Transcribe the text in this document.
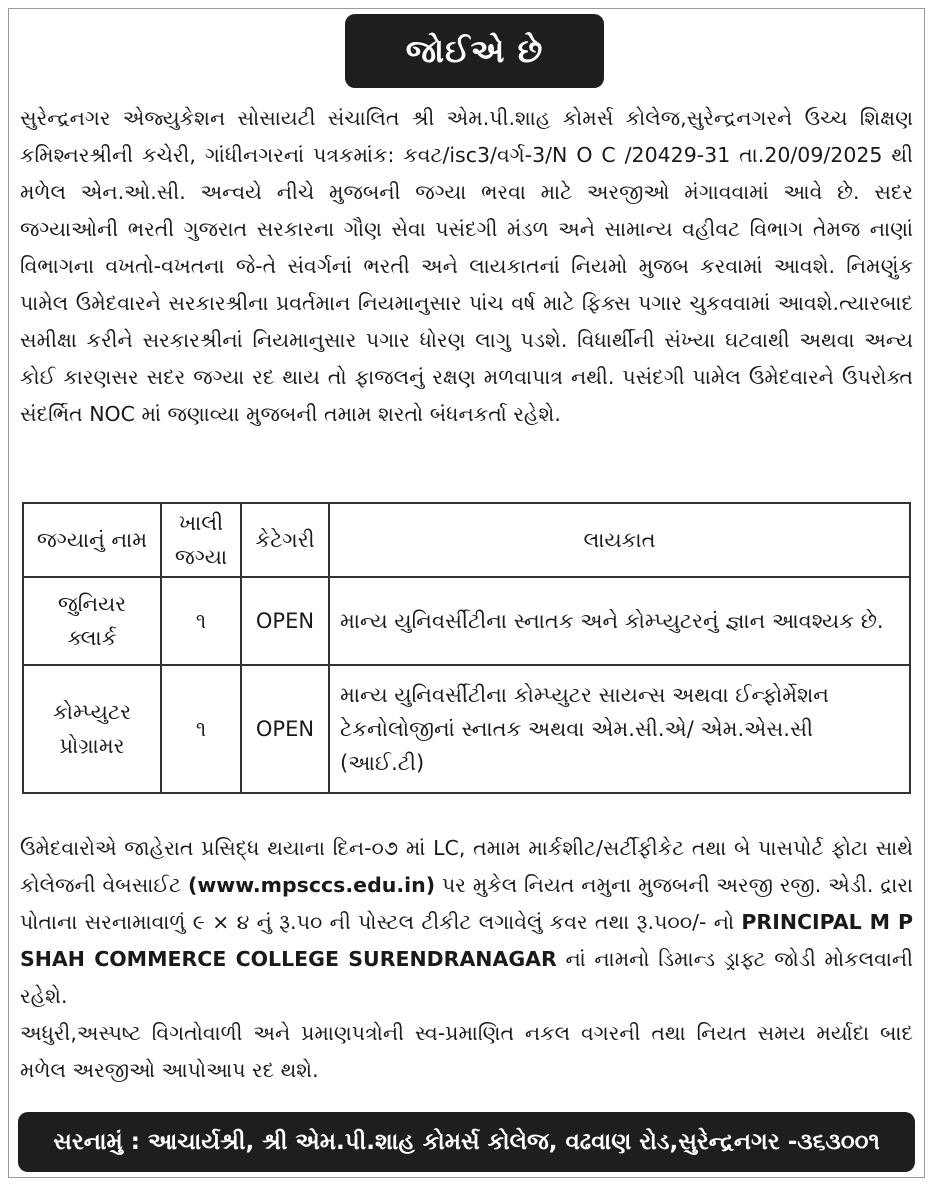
જોઈએ છે

સુરેન્દ્રનગર એજ્યુકેશન સોસાયટી સંચાલિત શ્રી એમ.પી.શાહ કોમર્સ કોલેજ,સુરેન્દ્રનગરને ઉચ્ચ શિક્ષણ કમિશ્નરશ્રીની કચેરી, ગાંધીનગરનાં પત્રકમાંક: કવટ/isc3/વર્ગ-3/N O C /20429-31 તા.20/09/2025 થી મળેલ એન.ઓ.સી. અન્વયે નીચે મુજબની જગ્યા ભરવા માટે અરજીઓ મંગાવવામાં આવે છે. સદર જગ્યાઓની ભરતી ગુજરાત સરકારના ગૌણ સેવા પસંદગી મંડળ અને સામાન્ય વહીવટ વિભાગ તેમજ નાણાં વિભાગના વખતો-વખતના જે-તે સંવર્ગનાં ભરતી અને લાયકાતનાં નિયમો મુજબ કરવામાં આવશે. નિમણુંક પામેલ ઉમેદવારને સરકારશ્રીના પ્રવર્તમાન નિયમાનુસાર પાંચ વર્ષ માટે ફિક્સ પગાર ચુકવવામાં આવશે.ત્યારબાદ સમીક્ષા કરીને સરકારશ્રીનાં નિયમાનુસાર પગાર ધોરણ લાગુ પડશે. વિધાર્થીની સંખ્યા ઘટવાથી અથવા અન્ય કોઈ કારણસર સદર જગ્યા રદ થાય તો ફાજલનું રક્ષણ મળવાપાત્ર નથી. પસંદગી પામેલ ઉમેદવારને ઉપરોક્ત સંદર્ભિત NOC માં જણાવ્યા મુજબની તમામ શરતો બંધનકર્તા રહેશે.

જગ્યાનું નામ	ખાલી જગ્યા	કેટેગરી	લાયકાત
જુનિયર ક્લાર્ક	૧	OPEN	માન્ય યુનિવર્સીટીના સ્નાતક અને કોમ્પ્યુટરનું જ્ઞાન આવશ્યક છે.
કોમ્પ્યુટર પ્રોગ્રામર	૧	OPEN	માન્ય યુનિવર્સીટીના કોમ્પ્યુટર સાયન્સ અથવા ઈન્ફોર્મેશન ટેકનોલોજીનાં સ્નાતક અથવા એમ.સી.એ/ એમ.એસ.સી (આઈ.ટી)

ઉમેદવારોએ જાહેરાત પ્રસિદ્ધ થયાના દિન-૦૭ માં LC, તમામ માર્કશીટ/સર્ટીફીકેટ તથા બે પાસપોર્ટ ફોટા સાથે કોલેજની વેબસાઈટ (www.mpsccs.edu.in) પર મુકેલ નિયત નમુના મુજબની અરજી રજી. એડી. દ્રારા પોતાના સરનામાવાળું ૯ × ૪ નું રૂ.૫૦ ની પોસ્ટલ ટીકીટ લગાવેલું કવર તથા રૂ.૫૦૦/- નો PRINCIPAL M P SHAH COMMERCE COLLEGE SURENDRANAGAR નાં નામનો ડિમાન્ડ ડ્રાફ્ટ જોડી મોકલવાની રહેશે.

અધુરી,અસ્પષ્ટ વિગતોવાળી અને પ્રમાણપત્રોની સ્વ-પ્રમાણિત નકલ વગરની તથા નિયત સમય મર્યાદા બાદ મળેલ અરજીઓ આપોઆપ રદ થશે.

સરનામું : આચાર્યશ્રી, શ્રી એમ.પી.શાહ કોમર્સ કોલેજ, વઢવાણ રોડ,સુરેન્દ્રનગર -૩૬૩૦૦૧
